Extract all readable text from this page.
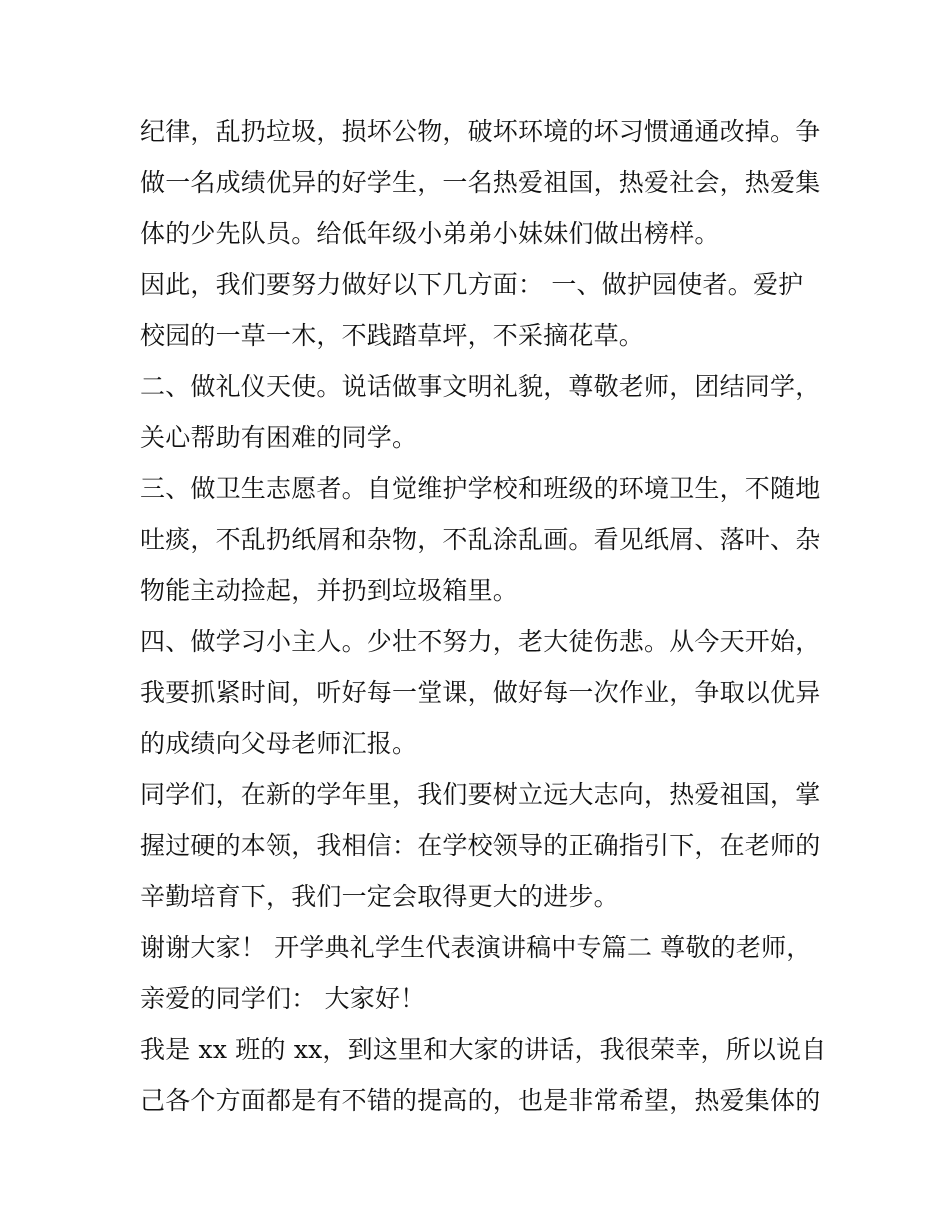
纪律，乱扔垃圾，损坏公物，破坏环境的坏习惯通通改掉。争
做一名成绩优异的好学生，一名热爱祖国，热爱社会，热爱集
体的少先队员。给低年级小弟弟小妹妹们做出榜样。
因此，我们要努力做好以下几方面： 一、做护园使者。爱护
校园的一草一木，不践踏草坪，不采摘花草。
二、做礼仪天使。说话做事文明礼貌，尊敬老师，团结同学，
关心帮助有困难的同学。
三、做卫生志愿者。自觉维护学校和班级的环境卫生，不随地
吐痰，不乱扔纸屑和杂物，不乱涂乱画。看见纸屑、落叶、杂
物能主动捡起，并扔到垃圾箱里。
四、做学习小主人。少壮不努力，老大徒伤悲。从今天开始，
我要抓紧时间，听好每一堂课，做好每一次作业，争取以优异
的成绩向父母老师汇报。
同学们，在新的学年里，我们要树立远大志向，热爱祖国，掌
握过硬的本领，我相信：在学校领导的正确指引下，在老师的
辛勤培育下，我们一定会取得更大的进步。
谢谢大家！ 开学典礼学生代表演讲稿中专篇二 尊敬的老师，
亲爱的同学们： 大家好！
我是 xx 班的 xx，到这里和大家的讲话，我很荣幸，所以说自
己各个方面都是有不错的提高的，也是非常希望，热爱集体的
